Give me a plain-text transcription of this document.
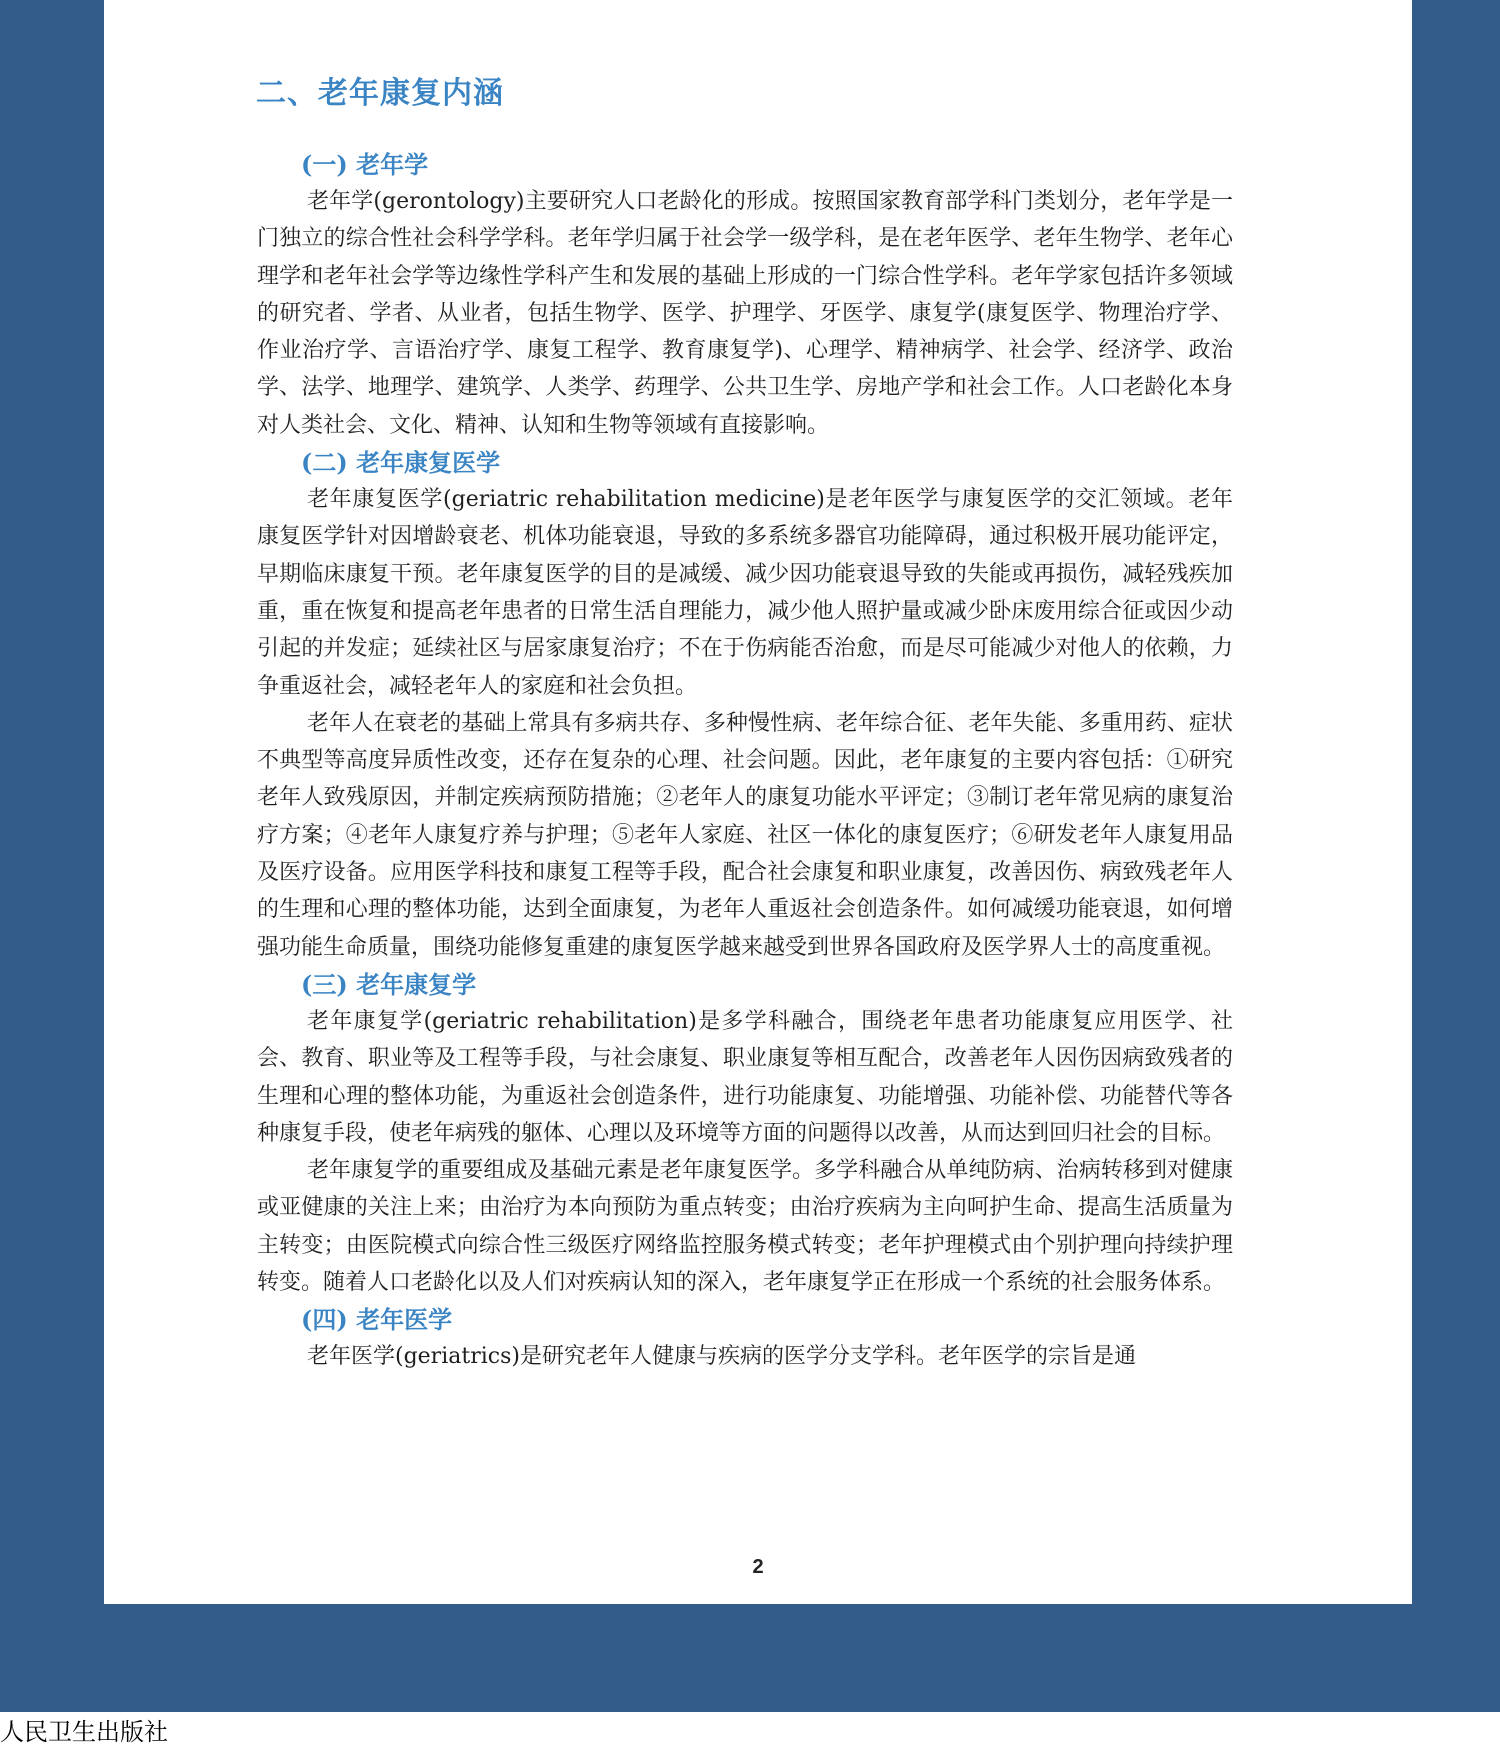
二、老年康复内涵
(一) 老年学

老年学(gerontology)主要研究人口老龄化的形成。按照国家教育部学科门类划分，老年学是一门独立的综合性社会科学学科。老年学归属于社会学一级学科，是在老年医学、老年生物学、老年心理学和老年社会学等边缘性学科产生和发展的基础上形成的一门综合性学科。老年学家包括许多领域的研究者、学者、从业者，包括生物学、医学、护理学、牙医学、康复学(康复医学、物理治疗学、作业治疗学、言语治疗学、康复工程学、教育康复学)、心理学、精神病学、社会学、经济学、政治学、法学、地理学、建筑学、人类学、药理学、公共卫生学、房地产学和社会工作。人口老龄化本身对人类社会、文化、精神、认知和生物等领域有直接影响。

(二) 老年康复医学

老年康复医学(geriatric rehabilitation medicine)是老年医学与康复医学的交汇领域。老年康复医学针对因增龄衰老、机体功能衰退，导致的多系统多器官功能障碍，通过积极开展功能评定，早期临床康复干预。老年康复医学的目的是减缓、减少因功能衰退导致的失能或再损伤，减轻残疾加重，重在恢复和提高老年患者的日常生活自理能力，减少他人照护量或减少卧床废用综合征或因少动引起的并发症；延续社区与居家康复治疗；不在于伤病能否治愈，而是尽可能减少对他人的依赖，力争重返社会，减轻老年人的家庭和社会负担。

老年人在衰老的基础上常具有多病共存、多种慢性病、老年综合征、老年失能、多重用药、症状不典型等高度异质性改变，还存在复杂的心理、社会问题。因此，老年康复的主要内容包括：①研究老年人致残原因，并制定疾病预防措施；②老年人的康复功能水平评定；③制订老年常见病的康复治疗方案；④老年人康复疗养与护理；⑤老年人家庭、社区一体化的康复医疗；⑥研发老年人康复用品及医疗设备。应用医学科技和康复工程等手段，配合社会康复和职业康复，改善因伤、病致残老年人的生理和心理的整体功能，达到全面康复，为老年人重返社会创造条件。如何减缓功能衰退，如何增强功能生命质量，围绕功能修复重建的康复医学越来越受到世界各国政府及医学界人士的高度重视。

(三) 老年康复学

老年康复学(geriatric rehabilitation)是多学科融合，围绕老年患者功能康复应用医学、社会、教育、职业等及工程等手段，与社会康复、职业康复等相互配合，改善老年人因伤因病致残者的生理和心理的整体功能，为重返社会创造条件，进行功能康复、功能增强、功能补偿、功能替代等各种康复手段，使老年病残的躯体、心理以及环境等方面的问题得以改善，从而达到回归社会的目标。

老年康复学的重要组成及基础元素是老年康复医学。多学科融合从单纯防病、治病转移到对健康或亚健康的关注上来；由治疗为本向预防为重点转变；由治疗疾病为主向呵护生命、提高生活质量为主转变；由医院模式向综合性三级医疗网络监控服务模式转变；老年护理模式由个别护理向持续护理转变。随着人口老龄化以及人们对疾病认知的深入，老年康复学正在形成一个系统的社会服务体系。

(四) 老年医学

老年医学(geriatrics)是研究老年人健康与疾病的医学分支学科。老年医学的宗旨是通

2
人民卫生出版社
